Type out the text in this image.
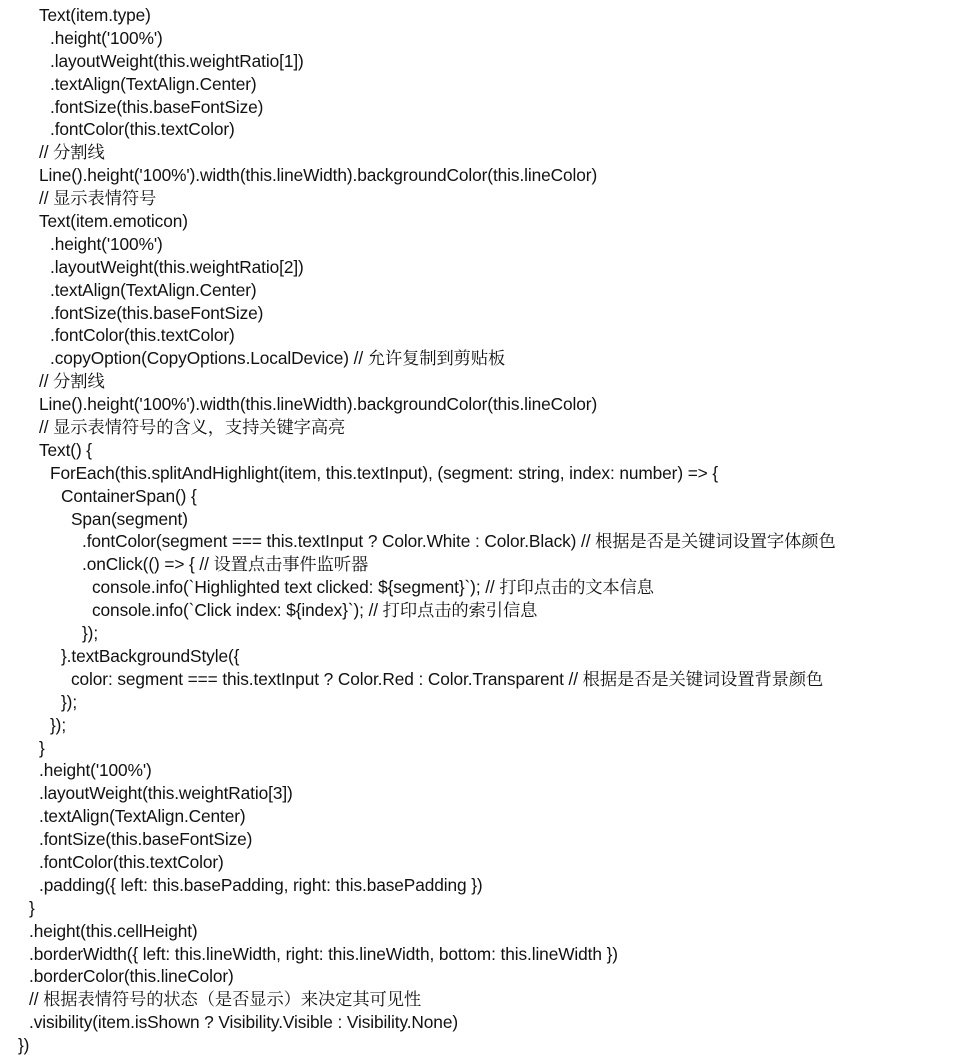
Text(item.type)
.height('100%')
.layoutWeight(this.weightRatio[1])
.textAlign(TextAlign.Center)
.fontSize(this.baseFontSize)
.fontColor(this.textColor)
// 分割线
Line().height('100%').width(this.lineWidth).backgroundColor(this.lineColor)
// 显示表情符号
Text(item.emoticon)
.height('100%')
.layoutWeight(this.weightRatio[2])
.textAlign(TextAlign.Center)
.fontSize(this.baseFontSize)
.fontColor(this.textColor)
.copyOption(CopyOptions.LocalDevice) // 允许复制到剪贴板
// 分割线
Line().height('100%').width(this.lineWidth).backgroundColor(this.lineColor)
// 显示表情符号的含义，支持关键字高亮
Text() {
ForEach(this.splitAndHighlight(item, this.textInput), (segment: string, index: number) => {
ContainerSpan() {
Span(segment)
.fontColor(segment === this.textInput ? Color.White : Color.Black) // 根据是否是关键词设置字体颜色
.onClick(() => { // 设置点击事件监听器
console.info(`Highlighted text clicked: ${segment}`); // 打印点击的文本信息
console.info(`Click index: ${index}`); // 打印点击的索引信息
});
}.textBackgroundStyle({
color: segment === this.textInput ? Color.Red : Color.Transparent // 根据是否是关键词设置背景颜色
});
});
}
.height('100%')
.layoutWeight(this.weightRatio[3])
.textAlign(TextAlign.Center)
.fontSize(this.baseFontSize)
.fontColor(this.textColor)
.padding({ left: this.basePadding, right: this.basePadding })
}
.height(this.cellHeight)
.borderWidth({ left: this.lineWidth, right: this.lineWidth, bottom: this.lineWidth })
.borderColor(this.lineColor)
// 根据表情符号的状态（是否显示）来决定其可见性
.visibility(item.isShown ? Visibility.Visible : Visibility.None)
})
